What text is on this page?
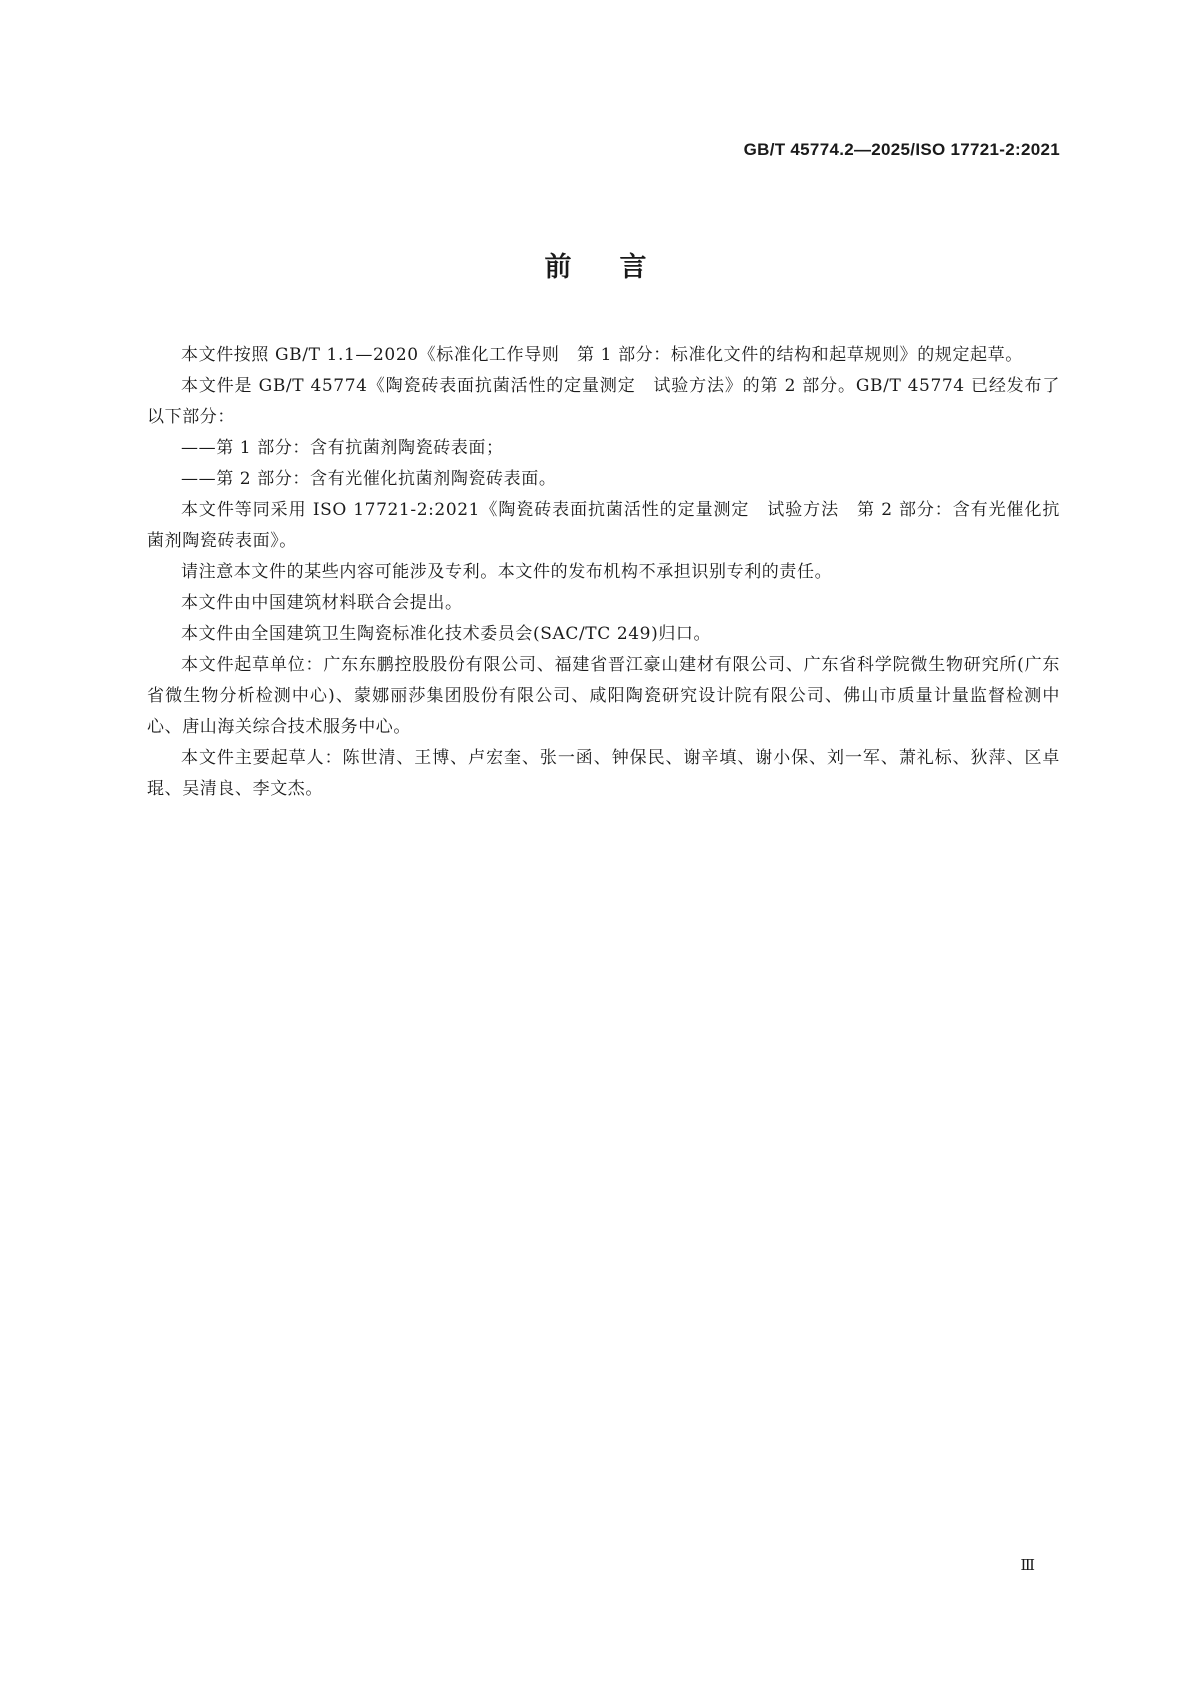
GB/T 45774.2—2025/ISO 17721-2:2021
前言

本文件按照 GB/T 1.1—2020《标准化工作导则　第 1 部分：标准化文件的结构和起草规则》的规定起草。

本文件是 GB/T 45774《陶瓷砖表面抗菌活性的定量测定　试验方法》的第 2 部分。GB/T 45774 已经发布了以下部分：

——第 1 部分：含有抗菌剂陶瓷砖表面；

——第 2 部分：含有光催化抗菌剂陶瓷砖表面。

本文件等同采用 ISO 17721-2:2021《陶瓷砖表面抗菌活性的定量测定　试验方法　第 2 部分：含有光催化抗菌剂陶瓷砖表面》。

请注意本文件的某些内容可能涉及专利。本文件的发布机构不承担识别专利的责任。

本文件由中国建筑材料联合会提出。

本文件由全国建筑卫生陶瓷标准化技术委员会(SAC/TC 249)归口。

本文件起草单位：广东东鹏控股股份有限公司、福建省晋江豪山建材有限公司、广东省科学院微生物研究所(广东省微生物分析检测中心)、蒙娜丽莎集团股份有限公司、咸阳陶瓷研究设计院有限公司、佛山市质量计量监督检测中心、唐山海关综合技术服务中心。

本文件主要起草人：陈世清、王博、卢宏奎、张一函、钟保民、谢辛填、谢小保、刘一军、萧礼标、狄萍、区卓琨、吴清良、李文杰。

Ⅲ
